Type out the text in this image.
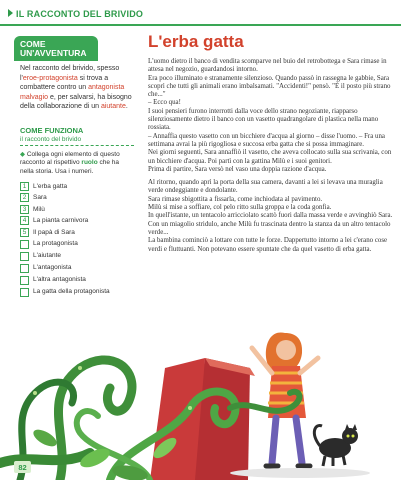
IL RACCONTO DEL BRIVIDO
COME UN'AVVENTURA
Nel racconto del brivido, spesso l'eroe-protagonista si trova a combattere contro un antagonista malvagio e, per salvarsi, ha bisogno della collaborazione di un aiutante.
COME FUNZIONA
il racconto del brivido
◆ Collega ogni elemento di questo racconto al rispettivo ruolo che ha nella storia. Usa i numeri.
1	L'erba gatta
2	Sara
3	Milù
4	La pianta carnivora
5	Il papà di Sara
La protagonista
L'aiutante
L'antagonista
L'altra antagonista
La gatta della protagonista
82
L'erba gatta

L'uomo dietro il banco di vendita scomparve nel buio del retrobottega e Sara rimase in attesa nel negozio, guardandosi intorno.

Era poco illuminato e stranamente silenzioso. Quando passò in rassegna le gabbie, Sara scoprì che tutti gli animali erano imbalsamati. "Accidenti!" pensò. "È il posto più strano che..."

– Ecco qua!

I suoi pensieri furono interrotti dalla voce dello strano negoziante, riapparso silenziosamente dietro il banco con un vasetto quadrangolare di plastica nella mano rossiata.

– Annaffia questo vasetto con un bicchiere d'acqua al giorno – disse l'uomo. – Fra una settimana avrai la più rigogliosa e succosa erba gatta che si possa immaginare.

Nei giorni seguenti, Sara annaffiò il vasetto, che aveva collocato sulla sua scrivania, con un bicchiere d'acqua. Poi partì con la gattina Milù e i suoi genitori.

Prima di partire, Sara versò nel vaso una doppia razione d'acqua.

Al ritorno, quando aprì la porta della sua camera, davanti a lei si levava una muraglia verde ondeggiante e dondolante.

Sara rimase sbigottita a fissarla, come inchiodata al pavimento.

Milù si mise a soffiare, col pelo ritto sulla groppa e la coda gonfia.

In quell'istante, un tentacolo arricciolato scattò fuori dalla massa verde e avvinghiò Sara.

Con un miagolio stridulo, anche Milù fu trascinata dentro la stanza da un altro tentacolo verde...

La bambina cominciò a lottare con tutte le forze. Dappertutto intorno a lei c'erano cose verdi e fluttuanti. Non potevano essere spuntate che da quel vasetto di erba gatta.
